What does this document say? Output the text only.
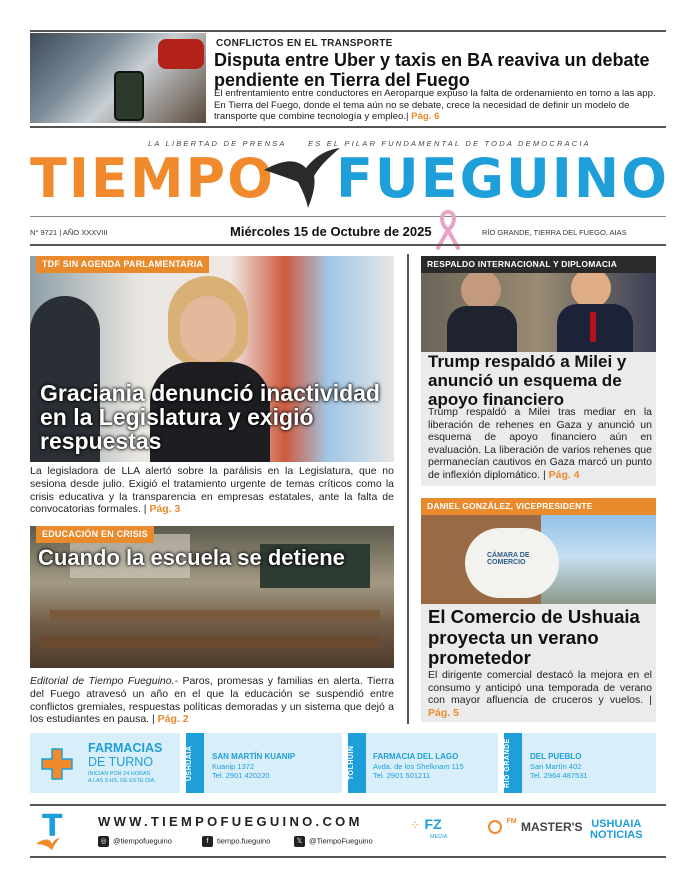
CONFLICTOS EN EL TRANSPORTE
Disputa entre Uber y taxis en BA reaviva un debate pendiente en Tierra del Fuego
El enfrentamiento entre conductores en Aeroparque expuso la falta de ordenamiento en torno a las app. En Tierra del Fuego, donde el tema aún no se debate, crece la necesidad de definir un modelo de transporte que combine tecnología y empleo.| Pág. 6
LA LIBERTAD DE PRENSA	ES EL PILAR FUNDAMENTAL DE TODA DEMOCRACIA
TIEMPO FUEGUINO
N° 9721 | AÑO XXXVIII	Miércoles 15 de Octubre de 2025	RÍO GRANDE, TIERRA DEL FUEGO, AIAS
TDF SIN AGENDA PARLAMENTARIA
Graciania denunció inactividad en la Legislatura y exigió respuestas
La legisladora de LLA alertó sobre la parálisis en la Legislatura, que no sesiona desde julio. Exigió el tratamiento urgente de temas críticos como la crisis educativa y la transparencia en empresas estatales, ante la falta de convocatorias formales. | Pág. 3
EDUCACIÓN EN CRISIS
Cuando la escuela se detiene
Editorial de Tiempo Fueguino.- Paros, promesas y familias en alerta. Tierra del Fuego atravesó un año en el que la educación se suspendió entre conflictos gremiales, respuestas políticas demoradas y un sistema que dejó a los estudiantes en pausa. | Pág. 2
RESPALDO INTERNACIONAL Y DIPLOMACIA
Trump respaldó a Milei y anunció un esquema de apoyo financiero
Trump respaldó a Milei tras mediar en la liberación de rehenes en Gaza y anunció un esquema de apoyo financiero aún en evaluación. La liberación de varios rehenes que permanecían cautivos en Gaza marcó un punto de inflexión diplomático. | Pág. 4
CÁMARA DE COMERCIO
DANIEL GONZÁLEZ, VICEPRESIDENTE
El Comercio de Ushuaia proyecta un verano prometedor
El dirigente comercial destacó la mejora en el consumo y anticipó una temporada de verano con mayor afluencia de cruceros y vuelos. | Pág. 5
FARMACIAS
DE TURNO
INICIAN POR 24 HORAS
A LAS 9 HS. DE ESTE DÍA.
USHUAIA	SAN MARTÍN KUANIP
Kuanip 1372
Tel. 2901 420220	TOLHUIN	FARMACIA DEL LAGO
Avda. de los Shelknam 115
Tel. 2901 501211	RÍO GRANDE	DEL PUEBLO
San Martín 402
Tel. 2964 487531
T	WWW.TIEMPOFUEGUINO.COM
◎ @tiempofueguino	f tiempo.fueguino	𝕏 @TiempoFueguino
⁘ FZ
MEDIA
$^{FM}$ MASTER'S USHUAIA
NOTICIAS
